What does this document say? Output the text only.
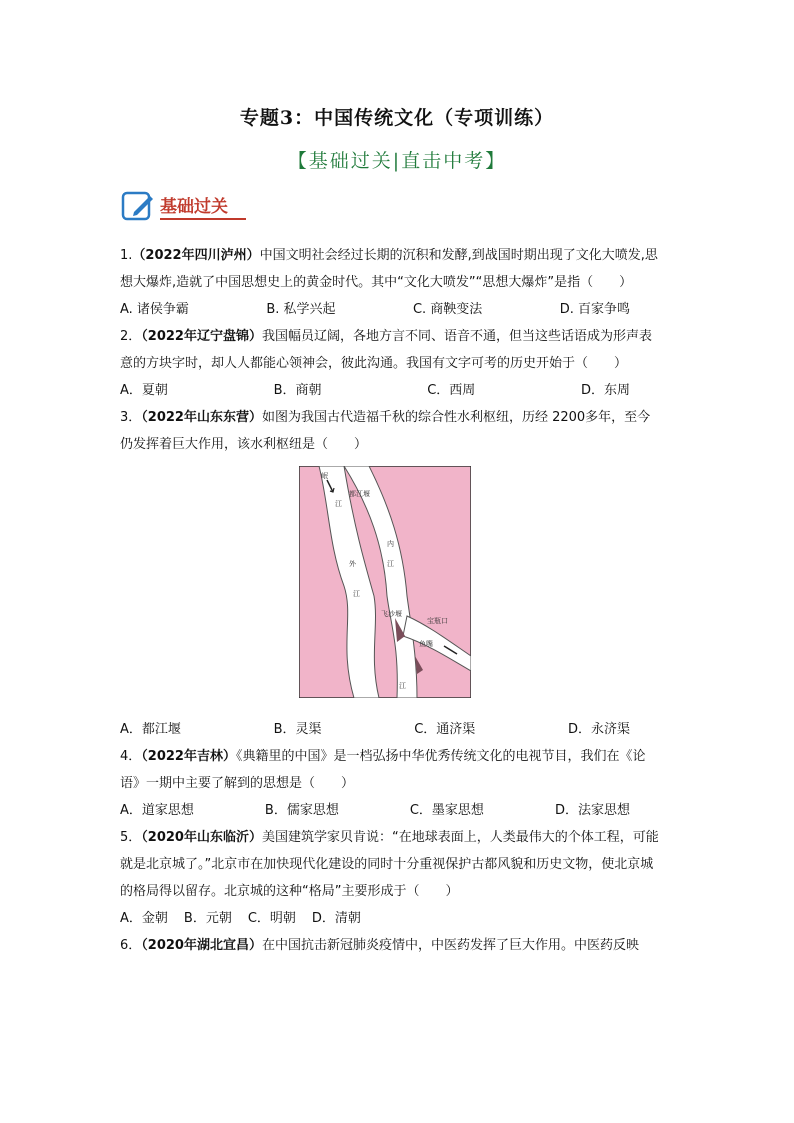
专题3：中国传统文化（专项训练）
【基础过关|直击中考】
基础过关

1.（2022年四川泸州）中国文明社会经过长期的沉积和发酵,到战国时期出现了文化大喷发,思想大爆炸,造就了中国思想史上的黄金时代。其中“文化大喷发”“思想大爆炸”是指（　　）

A. 诸侯争霸	B. 私学兴起	C. 商鞅变法	D. 百家争鸣

2．（2022年辽宁盘锦）我国幅员辽阔，各地方言不同、语音不通，但当这些话语成为形声表意的方块字时，却人人都能心领神会，彼此沟通。我国有文字可考的历史开始于（　　）

A．夏朝	B．商朝	C．西周	D．东周

3．（2022年山东东营）如图为我国古代造福千秋的综合性水利枢纽，历经 2200多年，至今仍发挥着巨大作用，该水利枢纽是（　　）

岷
江
都江堰
外
内
江
江
宝瓶口
飞沙堰
鱼嘴
江
A．都江堰	B．灵渠	C．通济渠	D．永济渠

4．（2022年吉林）《典籍里的中国》是一档弘扬中华优秀传统文化的电视节目，我们在《论语》一期中主要了解到的思想是（　　）

A．道家思想	B．儒家思想	C．墨家思想	D．法家思想

5．（2020年山东临沂）美国建筑学家贝肯说：“在地球表面上，人类最伟大的个体工程，可能就是北京城了。”北京市在加快现代化建设的同时十分重视保护古都风貌和历史文物，使北京城的格局得以留存。北京城的这种“格局”主要形成于（　　）

A．金朝 B．元朝 C．明朝 D．清朝

6．（2020年湖北宜昌）在中国抗击新冠肺炎疫情中，中医药发挥了巨大作用。中医药反映
